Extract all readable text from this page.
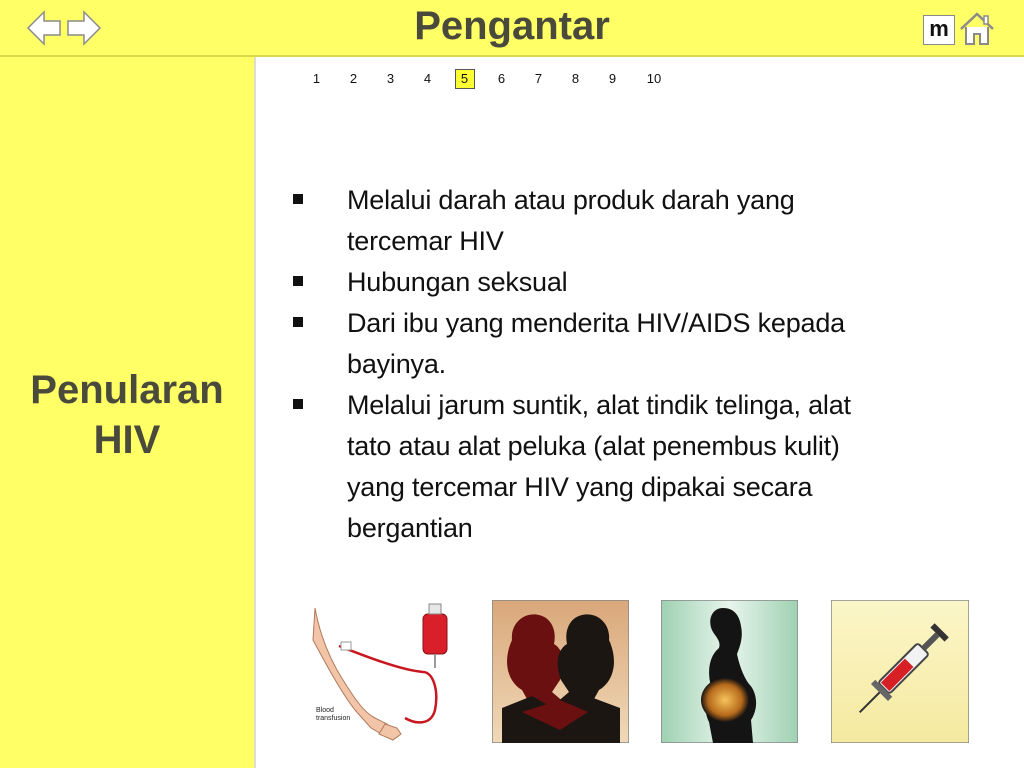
Pengantar	m
Penularan
HIV
1	2	3	4	5	6	7	8	9	10
Melalui darah atau produk darah yang
tercemar HIV
Hubungan seksual
Dari ibu yang menderita HIV/AIDS kepada
bayinya.
Melalui jarum suntik, alat tindik telinga, alat
tato atau alat peluka (alat penembus kulit)
yang tercemar HIV yang dipakai secara
bergantian
Blood
transfusion
